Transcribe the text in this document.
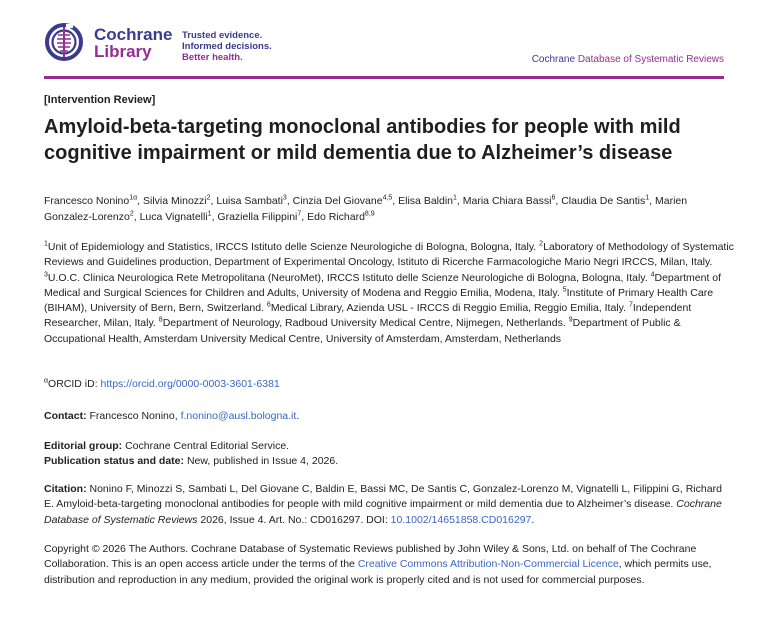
Cochrane
Library
Trusted evidence.
Informed decisions.
Better health.	Cochrane Database of Systematic Reviews
[Intervention Review]
Amyloid-beta-targeting monoclonal antibodies for people with mild cognitive impairment or mild dementia due to Alzheimer’s disease
Francesco Nonino$^{1\alpha}$, Silvia Minozzi$^2$, Luisa Sambati$^3$, Cinzia Del Giovane$^{4,5}$, Elisa Baldin$^1$, Maria Chiara Bassi$^6$, Claudia De Santis$^1$, Marien Gonzalez-Lorenzo$^2$, Luca Vignatelli$^1$, Graziella Filippini$^7$, Edo Richard$^{8,9}$
$^1$Unit of Epidemiology and Statistics, IRCCS Istituto delle Scienze Neurologiche di Bologna, Bologna, Italy. $^2$Laboratory of Methodology of Systematic Reviews and Guidelines production, Department of Experimental Oncology, Istituto di Ricerche Farmacologiche Mario Negri IRCCS, Milan, Italy. $^3$U.O.C. Clinica Neurologica Rete Metropolitana (NeuroMet), IRCCS Istituto delle Scienze Neurologiche di Bologna, Bologna, Italy. $^4$Department of Medical and Surgical Sciences for Children and Adults, University of Modena and Reggio Emilia, Modena, Italy. $^5$Institute of Primary Health Care (BIHAM), University of Bern, Bern, Switzerland. $^6$Medical Library, Azienda USL - IRCCS di Reggio Emilia, Reggio Emilia, Italy. $^7$Independent Researcher, Milan, Italy. $^8$Department of Neurology, Radboud University Medical Centre, Nijmegen, Netherlands. $^9$Department of Public & Occupational Health, Amsterdam University Medical Centre, University of Amsterdam, Amsterdam, Netherlands
$^\alpha$ORCID iD: https://orcid.org/0000-0003-3601-6381
Contact: Francesco Nonino, f.nonino@ausl.bologna.it.
Editorial group: Cochrane Central Editorial Service.
Publication status and date: New, published in Issue 4, 2026.
Citation: Nonino F, Minozzi S, Sambati L, Del Giovane C, Baldin E, Bassi MC, De Santis C, Gonzalez-Lorenzo M, Vignatelli L, Filippini G, Richard E. Amyloid-beta-targeting monoclonal antibodies for people with mild cognitive impairment or mild dementia due to Alzheimer’s disease. Cochrane Database of Systematic Reviews 2026, Issue 4. Art. No.: CD016297. DOI: 10.1002/14651858.CD016297.
Copyright © 2026 The Authors. Cochrane Database of Systematic Reviews published by John Wiley & Sons, Ltd. on behalf of The Cochrane Collaboration. This is an open access article under the terms of the Creative Commons Attribution-Non-Commercial Licence, which permits use, distribution and reproduction in any medium, provided the original work is properly cited and is not used for commercial purposes.
